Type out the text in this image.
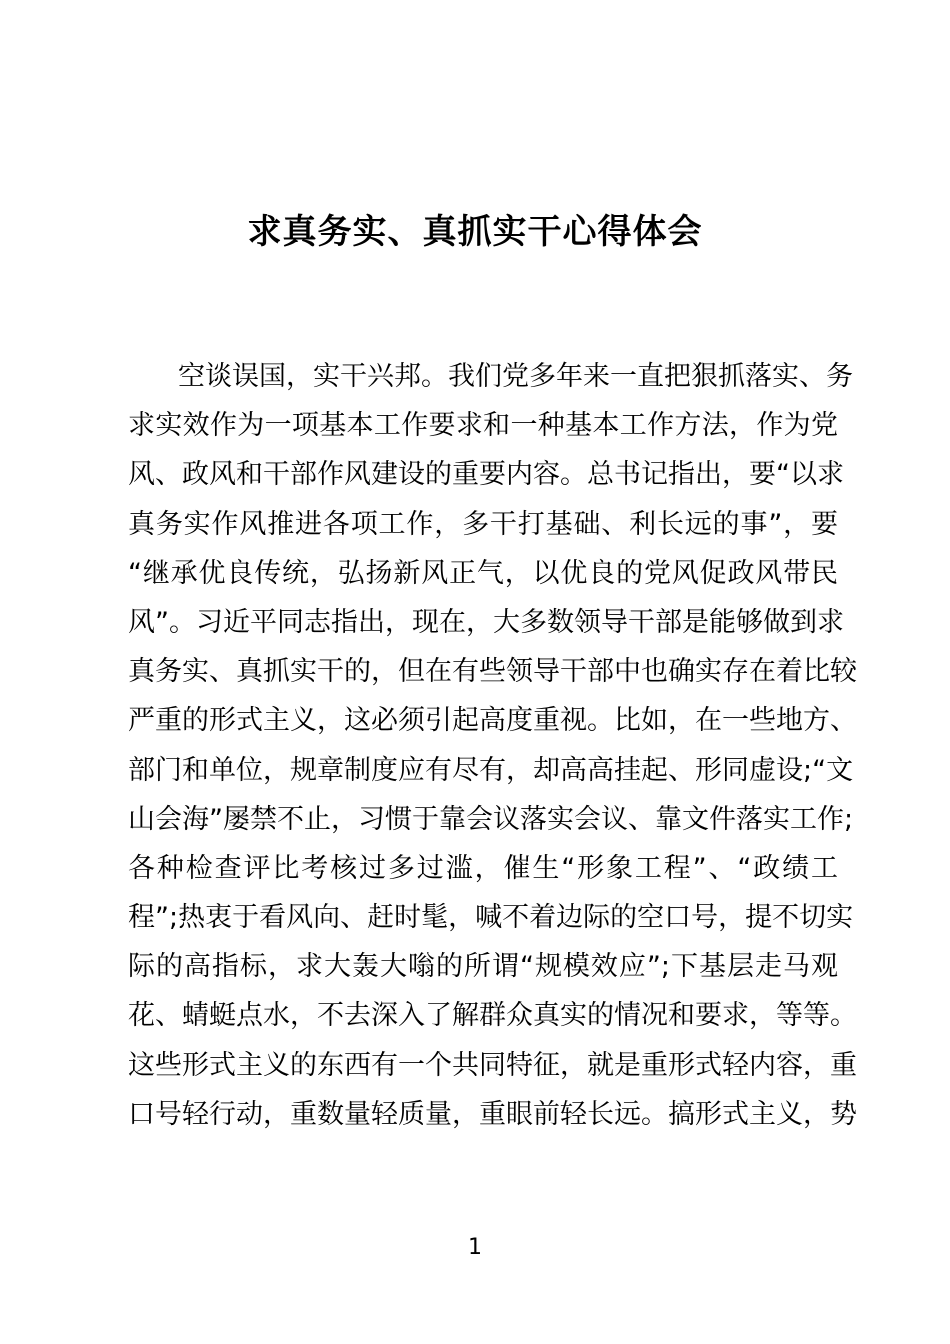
求真务实、真抓实干心得体会
空谈误国，实干兴邦。我们党多年来一直把狠抓落实、务
求实效作为一项基本工作要求和一种基本工作方法，作为党
风、政风和干部作风建设的重要内容。总书记指出，要“以求
真务实作风推进各项工作，多干打基础、利长远的事”，要
“继承优良传统，弘扬新风正气，以优良的党风促政风带民
风”。习近平同志指出，现在，大多数领导干部是能够做到求
真务实、真抓实干的，但在有些领导干部中也确实存在着比较
严重的形式主义，这必须引起高度重视。比如，在一些地方、
部门和单位，规章制度应有尽有，却高高挂起、形同虚设;“文
山会海”屡禁不止，习惯于靠会议落实会议、靠文件落实工作;
各种检查评比考核过多过滥，催生“形象工程”、“政绩工
程”;热衷于看风向、赶时髦，喊不着边际的空口号，提不切实
际的高指标，求大轰大嗡的所谓“规模效应”;下基层走马观
花、蜻蜓点水，不去深入了解群众真实的情况和要求，等等。
这些形式主义的东西有一个共同特征，就是重形式轻内容，重
口号轻行动，重数量轻质量，重眼前轻长远。搞形式主义，势
1
